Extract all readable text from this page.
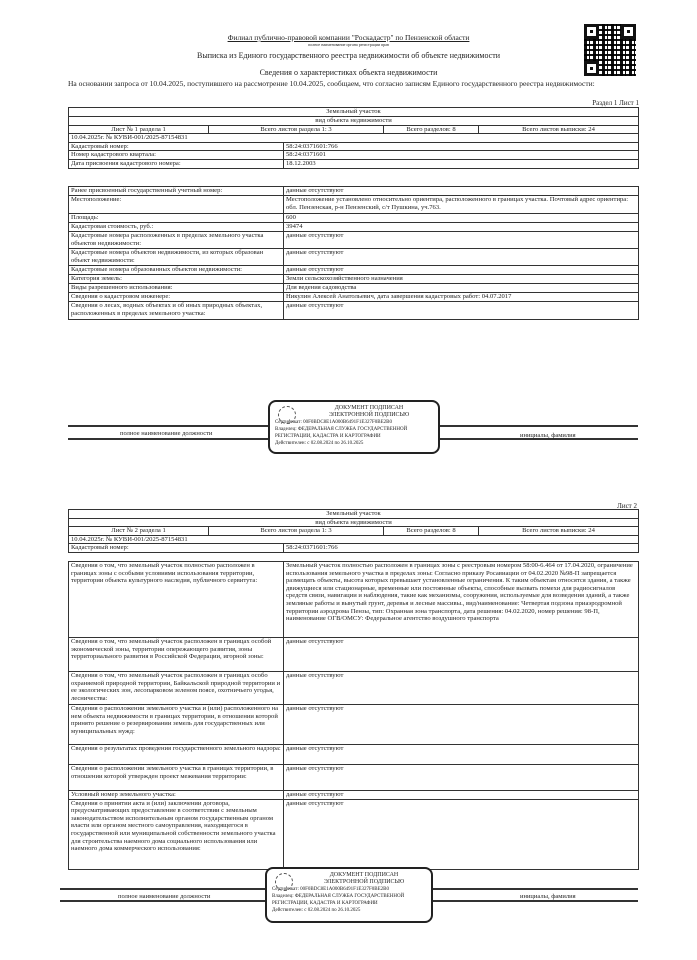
Филиал публично-правовой компании "Роскадастр" по Пензенской области
полное наименование органа регистрации прав
Выписка из Единого государственного реестра недвижимости об объекте недвижимости
Сведения о характеристиках объекта недвижимости
На основании запроса от 10.04.2025, поступившего на рассмотрение 10.04.2025, сообщаем, что согласно записям Единого государственного реестра недвижимости:
Раздел 1 Лист 1
Земельный участок				
вид объекта недвижимости				
Лист № 1 раздела 1	Всего листов раздела 1: 3		Всего разделов: 8	Всего листов выписки: 24
10.04.2025г. № КУВИ-001/2025-87154831				
Кадастровый номер:		58:24:0371601:766		
Номер кадастрового квартала:		58:24:0371601		
Дата присвоения кадастрового номера:		18.12.2003		
Ранее присвоенный государственный учетный номер:	данные отсутствуют
Местоположение:	Местоположение установлено относительно ориентира, расположенного в границах участка. Почтовый адрес ориентира: обл. Пензенская, р-н Пензенский, с/т Пушкина, уч.763.
Площадь:	600
Кадастровая стоимость, руб.:	39474
Кадастровые номера расположенных в пределах земельного участка объектов недвижимости:	данные отсутствуют
Кадастровые номера объектов недвижимости, из которых образован объект недвижимости:	данные отсутствуют
Кадастровые номера образованных объектов недвижимости:	данные отсутствуют
Категория земель:	Земли сельскохозяйственного назначения
Виды разрешенного использования:	Для ведения садоводства
Сведения о кадастровом инженере:	Никулин Алексей Анатольевич, дата завершения кадастровых работ: 04.07.2017
Сведения о лесах, водных объектах и об иных природных объектах, расположенных в пределах земельного участка:	данные отсутствуют
полное наименование должности	инициалы, фамилия
ДОКУМЕНТ ПОДПИСАН
ЭЛЕКТРОННОЙ ПОДПИСЬЮ
Сертификат: 00F0BDC8E1A000B6491F1E327F0BE2B0
Владелец: ФЕДЕРАЛЬНАЯ СЛУЖБА ГОСУДАРСТВЕННОЙ
РЕГИСТРАЦИИ, КАДАСТРА И КАРТОГРАФИИ
Действителен: с 02.08.2024 по 26.10.2025
Лист 2
Земельный участок				
вид объекта недвижимости				
Лист № 2 раздела 1	Всего листов раздела 1: 3		Всего разделов: 8	Всего листов выписки: 24
10.04.2025г. № КУВИ-001/2025-87154831				
Кадастровый номер:		58:24:0371601:766		
Сведения о том, что земельный участок полностью расположен в границах зоны с особыми условиями использования территории, территории объекта культурного наследия, публичного сервитута:	Земельный участок полностью расположен в границах зоны с реестровым номером 58:00-6.464 от 17.04.2020, ограничение использования земельного участка в пределах зоны: Согласно приказу Росавиации от 04.02.2020 №98-П запрещается размещать объекты, высота которых превышает установленные ограничения. К таким объектам относятся здания, а также движущиеся или стационарные, временные или постоянные объекты, способные вызвать помехи для радиосигналов средств связи, навигации и наблюдения, такие как механизмы, сооружения, используемые для возведения зданий, а также земляные работы и вынутый грунт, деревья и лесные массивы., вид/наименование: Четвертая подзона приаэродромной территории аэродрома Пензы, тип: Охранная зона транспорта, дата решения: 04.02.2020, номер решения: 98-П, наименование ОГВ/ОМСУ: Федеральное агентство воздушного транспорта
Сведения о том, что земельный участок расположен в границах особой экономической зоны, территории опережающего развития, зоны территориального развития в Российской Федерации, игорной зоны:	данные отсутствуют
Сведения о том, что земельный участок расположен в границах особо охраняемой природной территории, Байкальской природной территории и ее экологических зон, лесопарковом зеленом поясе, охотничьего угодья, лесничества:	данные отсутствуют
Сведения о расположении земельного участка и (или) расположенного на нем объекта недвижимости в границах территории, в отношении которой принято решение о резервировании земель для государственных или муниципальных нужд:	данные отсутствуют
Сведения о результатах проведения государственного земельного надзора:	данные отсутствуют
Сведения о расположении земельного участка в границах территории, в отношении которой утвержден проект межевания территории:	данные отсутствуют
Условный номер земельного участка:	данные отсутствуют
Сведения о принятии акта и (или) заключении договора, предусматривающих предоставление в соответствии с земельным законодательством исполнительным органом государственным органом власти или органом местного самоуправления, находящегося в государственной или муниципальной собственности земельного участка для строительства наемного дома социального использования или наемного дома коммерческого использования:	данные отсутствуют
полное наименование должности	инициалы, фамилия
ДОКУМЕНТ ПОДПИСАН
ЭЛЕКТРОННОЙ ПОДПИСЬЮ
Сертификат: 00F0BDC8E1A000B6491F1E327F0BE2B0
Владелец: ФЕДЕРАЛЬНАЯ СЛУЖБА ГОСУДАРСТВЕННОЙ
РЕГИСТРАЦИИ, КАДАСТРА И КАРТОГРАФИИ
Действителен: с 02.08.2024 по 26.10.2025
